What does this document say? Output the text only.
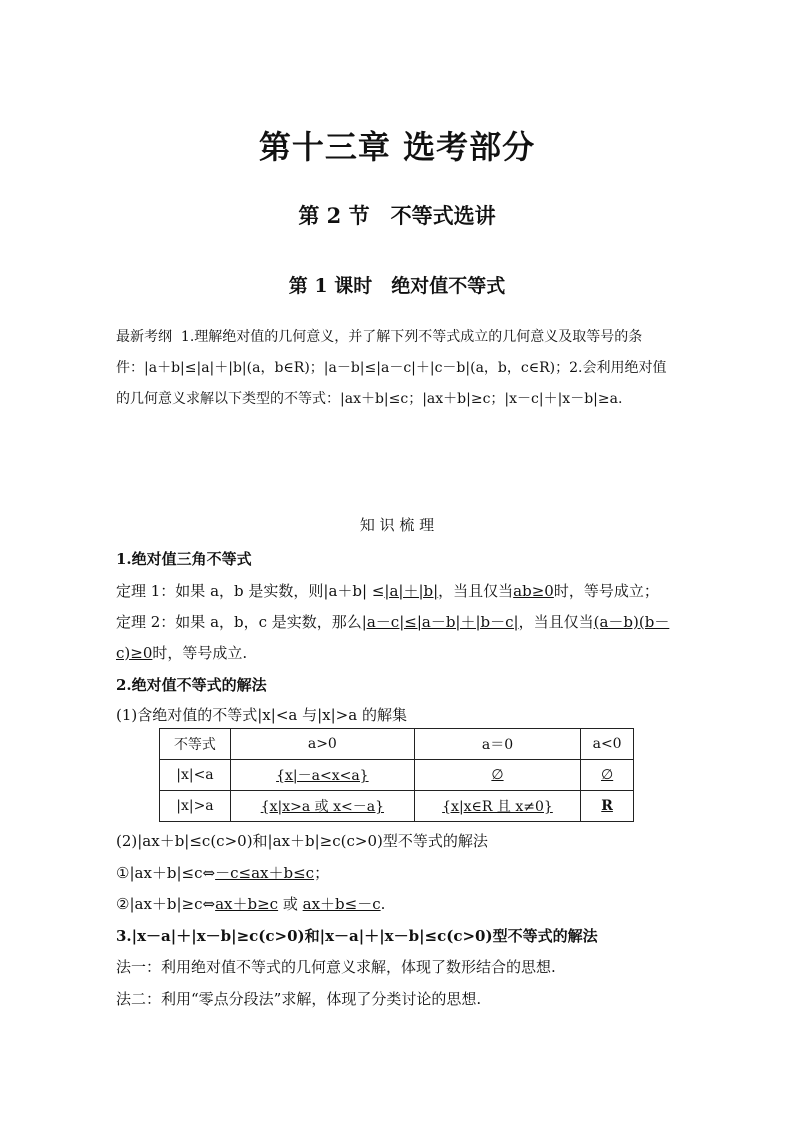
第十三章 选考部分
第 2 节　不等式选讲
第 1 课时　绝对值不等式
最新考纲 1.理解绝对值的几何意义，并了解下列不等式成立的几何意义及取等号的条件：|a＋b|≤|a|＋|b|(a，b∈R)；|a－b|≤|a－c|＋|c－b|(a，b，c∈R)；2.会利用绝对值的几何意义求解以下类型的不等式：|ax＋b|≤c；|ax＋b|≥c；|x－c|＋|x－b|≥a.
知 识 梳 理
1.绝对值三角不等式
定理 1：如果 a，b 是实数，则|a＋b| ≤|a|＋|b|，当且仅当ab≥0时，等号成立；
定理 2：如果 a，b，c 是实数，那么|a－c|≤|a－b|＋|b－c|，当且仅当(a－b)(b－
c)≥0时，等号成立.
2.绝对值不等式的解法
(1)含绝对值的不等式|x|<a 与|x|>a 的解集
不等式	a>0	a＝0	a<0
|x|<a	{x|－a<x<a}	∅	∅
|x|>a	{x|x>a 或 x<－a}	{x|x∈R 且 x≠0}	R
(2)|ax＋b|≤c(c>0)和|ax＋b|≥c(c>0)型不等式的解法
①|ax＋b|≤c⇔－c≤ax＋b≤c；
②|ax＋b|≥c⇔ax＋b≥c 或 ax＋b≤－c.
3.|x－a|＋|x－b|≥c(c>0)和|x－a|＋|x－b|≤c(c>0)型不等式的解法
法一：利用绝对值不等式的几何意义求解，体现了数形结合的思想.
法二：利用“零点分段法”求解，体现了分类讨论的思想.
